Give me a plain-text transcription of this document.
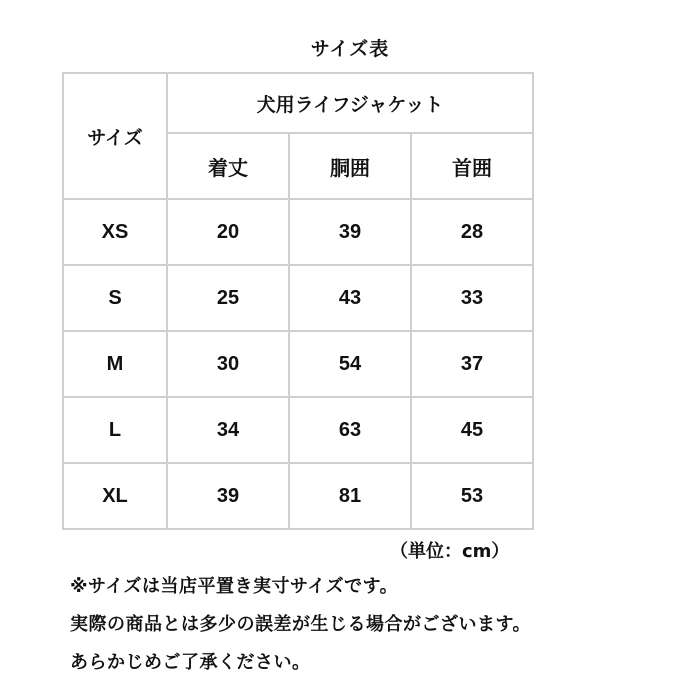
サイズ表
サイズ	犬用ライフジャケット		
	着丈	胴囲	首囲
XS	20	39	28
S	25	43	33
M	30	54	37
L	34	63	45
XL	39	81	53
（単位：cm）
※サイズは当店平置き実寸サイズです。
実際の商品とは多少の誤差が生じる場合がございます。
あらかじめご了承ください。
